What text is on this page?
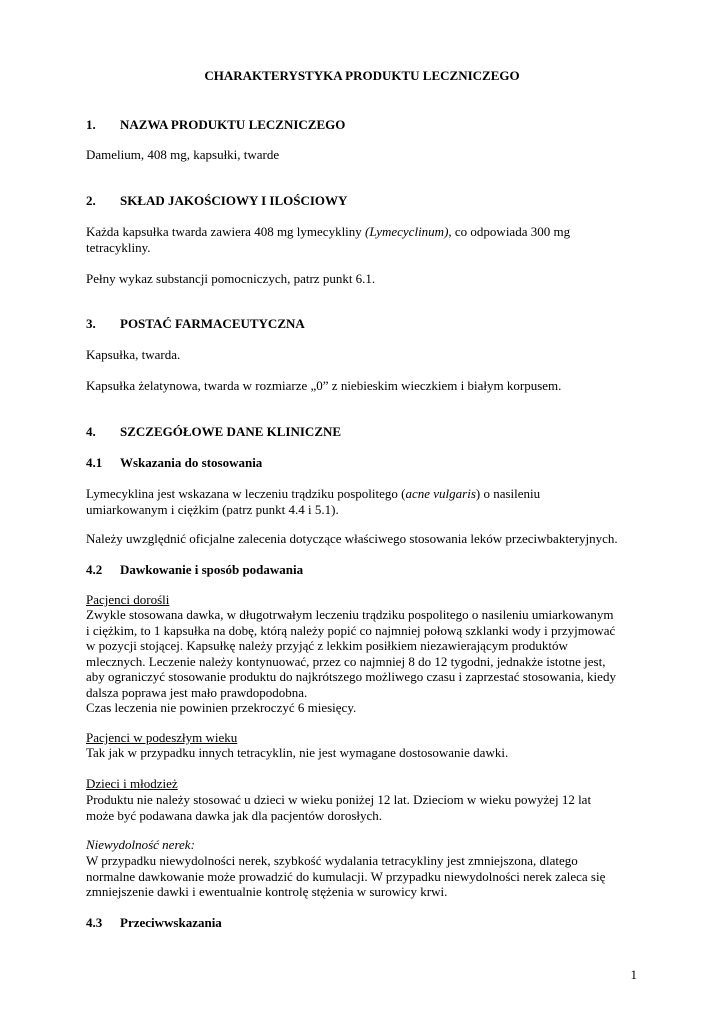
CHARAKTERYSTYKA PRODUKTU LECZNICZEGO
1. NAZWA PRODUKTU LECZNICZEGO

Damelium, 408 mg, kapsułki, twarde

2. SKŁAD JAKOŚCIOWY I ILOŚCIOWY

Każda kapsułka twarda zawiera 408 mg lymecykliny (Lymecyclinum), co odpowiada 300 mg tetracykliny.

Pełny wykaz substancji pomocniczych, patrz punkt 6.1.

3. POSTAĆ FARMACEUTYCZNA

Kapsułka, twarda.

Kapsułka żelatynowa, twarda w rozmiarze „0” z niebieskim wieczkiem i białym korpusem.

4. SZCZEGÓŁOWE DANE KLINICZNE
4.1 Wskazania do stosowania

Lymecyklina jest wskazana w leczeniu trądziku pospolitego (acne vulgaris) o nasileniu umiarkowanym i ciężkim (patrz punkt 4.4 i 5.1).

Należy uwzględnić oficjalne zalecenia dotyczące właściwego stosowania leków przeciwbakteryjnych.

4.2 Dawkowanie i sposób podawania
Pacjenci dorośli
Zwykle stosowana dawka, w długotrwałym leczeniu trądziku pospolitego o nasileniu umiarkowanym
i ciężkim, to 1 kapsułka na dobę, którą należy popić co najmniej połową szklanki wody i przyjmować
w pozycji stojącej. Kapsułkę należy przyjąć z lekkim posiłkiem niezawierającym produktów
mlecznych. Leczenie należy kontynuować, przez co najmniej 8 do 12 tygodni, jednakże istotne jest,
aby ograniczyć stosowanie produktu do najkrótszego możliwego czasu i zaprzestać stosowania, kiedy
dalsza poprawa jest mało prawdopodobna.
Czas leczenia nie powinien przekroczyć 6 miesięcy.
Pacjenci w podeszłym wieku
Tak jak w przypadku innych tetracyklin, nie jest wymagane dostosowanie dawki.
Dzieci i młodzież
Produktu nie należy stosować u dzieci w wieku poniżej 12 lat. Dzieciom w wieku powyżej 12 lat
może być podawana dawka jak dla pacjentów dorosłych.
Niewydolność nerek:
W przypadku niewydolności nerek, szybkość wydalania tetracykliny jest zmniejszona, dlatego
normalne dawkowanie może prowadzić do kumulacji. W przypadku niewydolności nerek zaleca się
zmniejszenie dawki i ewentualnie kontrolę stężenia w surowicy krwi.
4.3 Przeciwwskazania
1
